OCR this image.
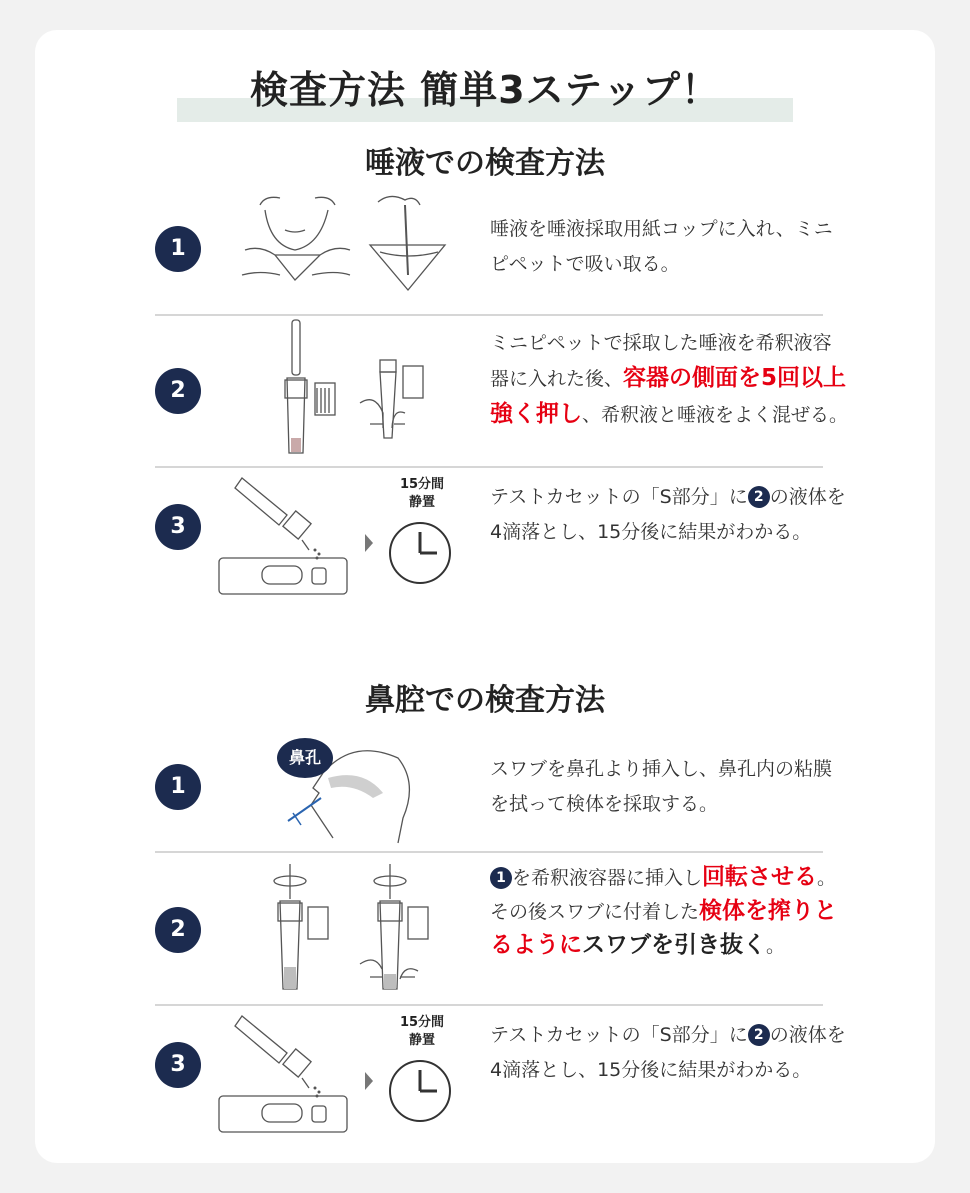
検査方法 簡単3ステップ！
唾液での検査方法
1
唾液を唾液採取用紙コップに入れ、ミニピペットで吸い取る。
2
ミニピペットで採取した唾液を希釈液容器に入れた後、容器の側面を5回以上強く押し、希釈液と唾液をよく混ぜる。
3
15分間
静置	テストカセットの「S部分」に 2 の液体を4滴落とし、15分後に結果がわかる。
鼻腔での検査方法
1
鼻孔
スワブを鼻孔より挿入し、鼻孔内の粘膜を拭って検体を採取する。
2
1 を希釈液容器に挿入し回転させる。その後スワブに付着した検体を搾りとるようにスワブを引き抜く。
3
15分間
静置	テストカセットの「S部分」に 2 の液体を4滴落とし、15分後に結果がわかる。
